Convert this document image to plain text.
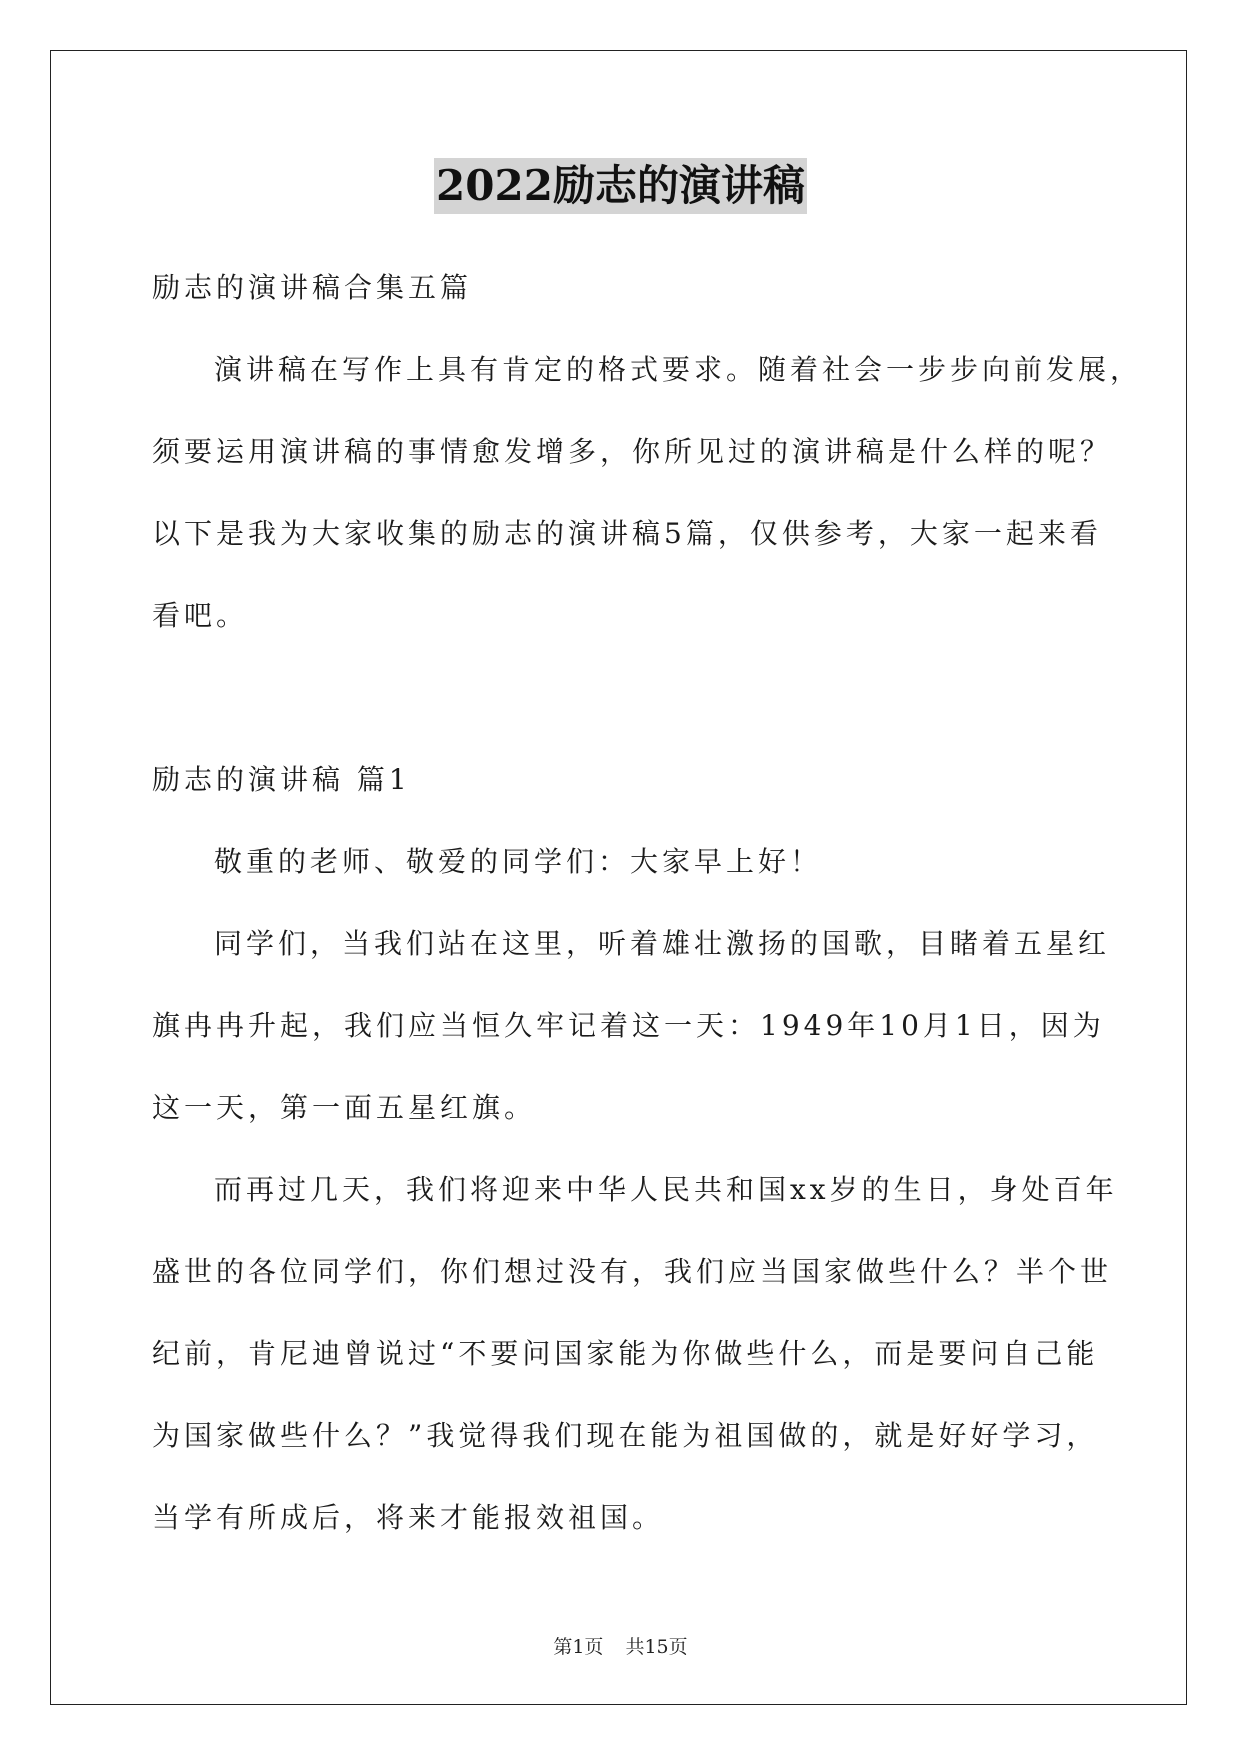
2022励志的演讲稿
励志的演讲稿合集五篇
演讲稿在写作上具有肯定的格式要求。随着社会一步步向前发展，
须要运用演讲稿的事情愈发增多，你所见过的演讲稿是什么样的呢？
以下是我为大家收集的励志的演讲稿5篇，仅供参考，大家一起来看
看吧。
励志的演讲稿 篇1
敬重的老师、敬爱的同学们：大家早上好！
同学们，当我们站在这里，听着雄壮激扬的国歌，目睹着五星红
旗冉冉升起，我们应当恒久牢记着这一天：1949年10月1日，因为
这一天，第一面五星红旗。
而再过几天，我们将迎来中华人民共和国xx岁的生日，身处百年
盛世的各位同学们，你们想过没有，我们应当国家做些什么？半个世
纪前，肯尼迪曾说过“不要问国家能为你做些什么，而是要问自己能
为国家做些什么？”我觉得我们现在能为祖国做的，就是好好学习，
当学有所成后，将来才能报效祖国。
第1页 共15页
